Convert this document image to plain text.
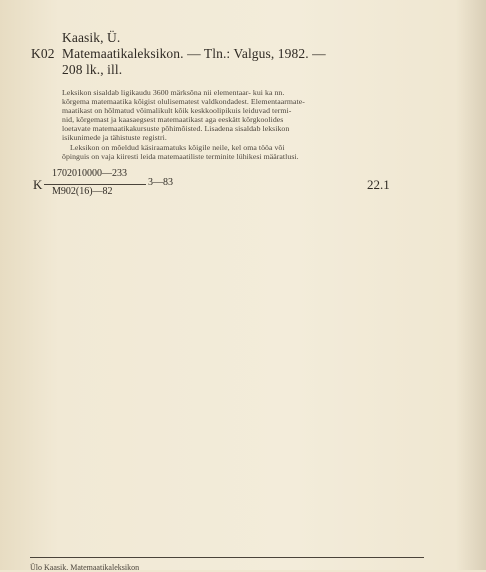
Kaasik, Ü.
K02 Matemaatikaleksikon. — Tln.: Valgus, 1982. —
208 lk., ill.
Leksikon sisaldab ligikaudu 3600 märksõna nii elementaar- kui ka nn.
kõrgema matemaatika kõigist olulisematest valdkondadest. Elementaarmate-
maatikast on hõlmatud võimalikult kõik keskkoolipikuis leiduvad termi-
nid, kõrgemast ja kaasaegsest matemaatikast aga eeskätt kõrgkoolides
loetavate matemaatikakursuste põhimõisted. Lisadena sisaldab leksikon
isikunimede ja tähistuste registri.
Leksikon on mõeldud käsiraamatuks kõigile neile, kel oma tööa või
õpinguis on vaja kiiresti leida matemaatiliste terminite lühikesi määratlusi.
K
1702010000—233
M902(16)—82
3—83	22.1
Ülo Kaasik. Matemaatikaleksikon
